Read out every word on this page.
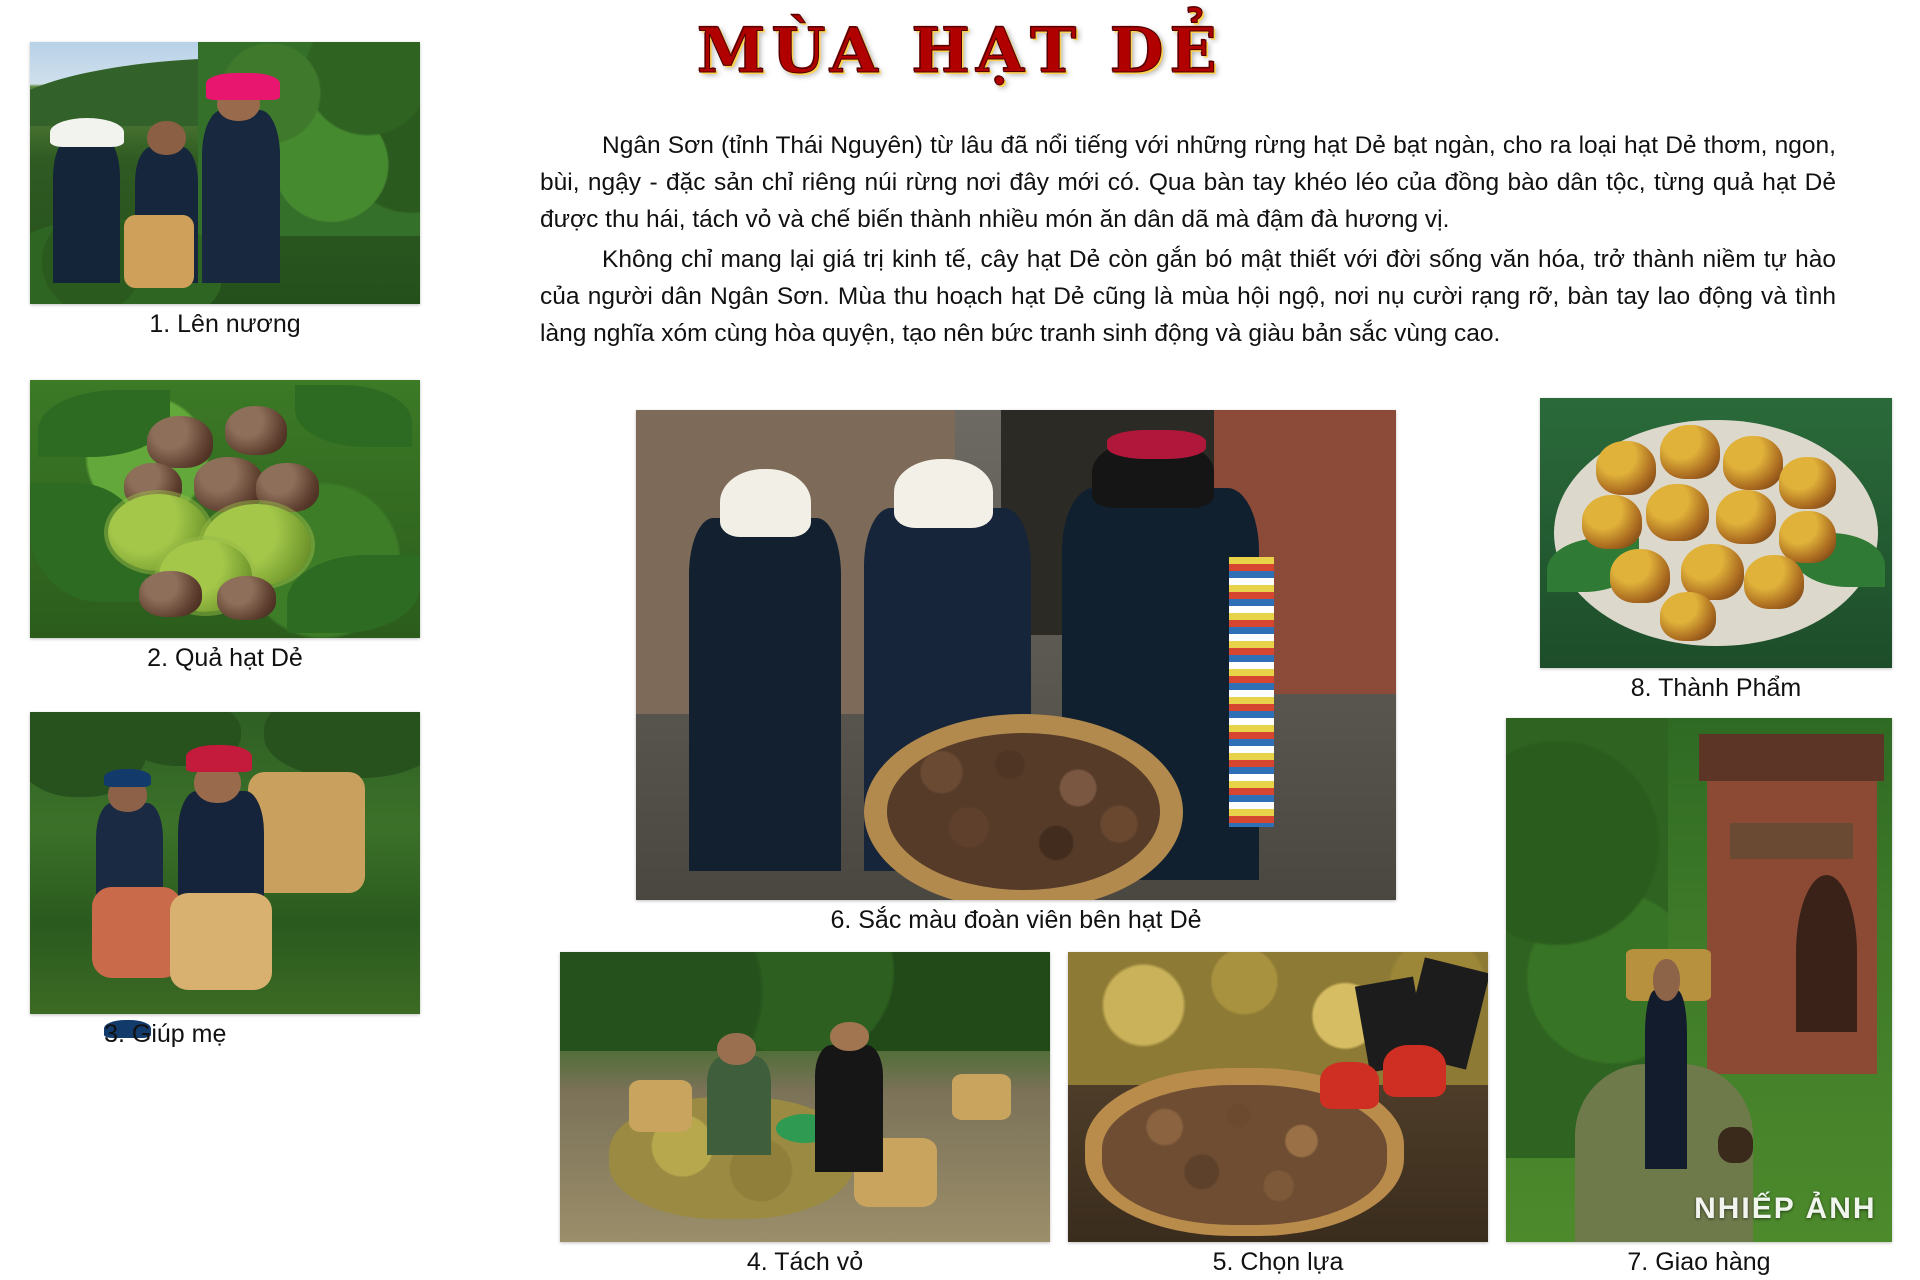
MÙA HẠT DẺ

Ngân Sơn (tỉnh Thái Nguyên) từ lâu đã nổi tiếng với những rừng hạt Dẻ bạt ngàn, cho ra loại hạt Dẻ thơm, ngon, bùi, ngậy - đặc sản chỉ riêng núi rừng nơi đây mới có. Qua bàn tay khéo léo của đồng bào dân tộc, từng quả hạt Dẻ được thu hái, tách vỏ và chế biến thành nhiều món ăn dân dã mà đậm đà hương vị.

Không chỉ mang lại giá trị kinh tế, cây hạt Dẻ còn gắn bó mật thiết với đời sống văn hóa, trở thành niềm tự hào của người dân Ngân Sơn. Mùa thu hoạch hạt Dẻ cũng là mùa hội ngộ, nơi nụ cười rạng rỡ, bàn tay lao động và tình làng nghĩa xóm cùng hòa quyện, tạo nên bức tranh sinh động và giàu bản sắc vùng cao.

1. Lên nương
2. Quả hạt Dẻ
3. Giúp mẹ
6. Sắc màu đoàn viên bên hạt Dẻ
4. Tách vỏ	5. Chọn lựa
NHIẾP ẢNH
7. Giao hàng
8. Thành Phẩm
